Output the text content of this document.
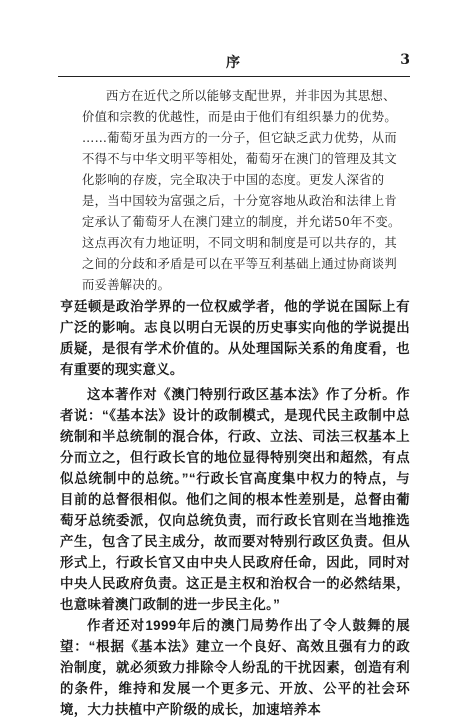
序	3

西方在近代之所以能够支配世界，并非因为其思想、价值和宗教的优越性，而是由于他们有组织暴力的优势。

……葡萄牙虽为西方的一分子，但它缺乏武力优势，从而不得不与中华文明平等相处，葡萄牙在澳门的管理及其文化影响的存废，完全取决于中国的态度。更发人深省的是，当中国较为富强之后，十分宽容地从政治和法律上肯定承认了葡萄牙人在澳门建立的制度，并允诺50年不变。这点再次有力地证明，不同文明和制度是可以共存的，其之间的分歧和矛盾是可以在平等互利基础上通过协商谈判而妥善解决的。

亨廷顿是政治学界的一位权威学者，他的学说在国际上有广泛的影响。志良以明白无误的历史事实向他的学说提出质疑，是很有学术价值的。从处理国际关系的角度看，也有重要的现实意义。

这本著作对《澳门特别行政区基本法》作了分析。作者说：“《基本法》设计的政制模式，是现代民主政制中总统制和半总统制的混合体，行政、立法、司法三权基本上分而立之，但行政长官的地位显得特别突出和超然，有点似总统制中的总统。”“行政长官高度集中权力的特点，与目前的总督很相似。他们之间的根本性差别是，总督由葡萄牙总统委派，仅向总统负责，而行政长官则在当地推选产生，包含了民主成分，故而要对特别行政区负责。但从形式上，行政长官又由中央人民政府任命，因此，同时对中央人民政府负责。这正是主权和治权合一的必然结果，也意味着澳门政制的进一步民主化。”

作者还对1999年后的澳门局势作出了令人鼓舞的展望：“根据《基本法》建立一个良好、高效且强有力的政治制度，就必须致力排除令人纷乱的干扰因素，创造有利的条件，维持和发展一个更多元、开放、公平的社会环境，大力扶植中产阶级的成长，加速培养本
